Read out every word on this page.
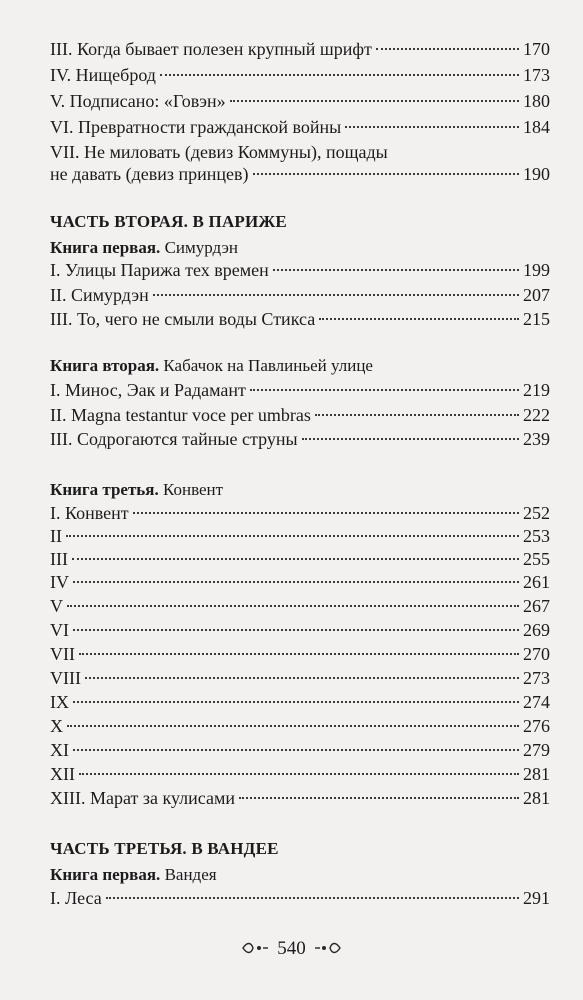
III. Когда бывает полезен крупный шрифт	170
IV. Нищеброд	173
V. Подписано: «Говэн»	180
VI. Превратности гражданской войны	184
VII. Не миловать (девиз Коммуны), пощады
не давать (девиз принцев)	190
ЧАСТЬ ВТОРАЯ. В ПАРИЖЕ
Книга первая. Симурдэн
I. Улицы Парижа тех времен	199
II. Симурдэн	207
III. То, чего не смыли воды Стикса	215
Книга вторая. Кабачок на Павлиньей улице
I. Минос, Эак и Радамант	219
II. Magna testantur voce per umbras	222
III. Содрогаются тайные струны	239
Книга третья. Конвент
I. Конвент	252
II	253
III	255
IV	261
V	267
VI	269
VII	270
VIII	273
IX	274
X	276
XI	279
XII	281
XIII. Марат за кулисами	281
ЧАСТЬ ТРЕТЬЯ. В ВАНДЕЕ
Книга первая. Вандея
I. Леса	291
540
